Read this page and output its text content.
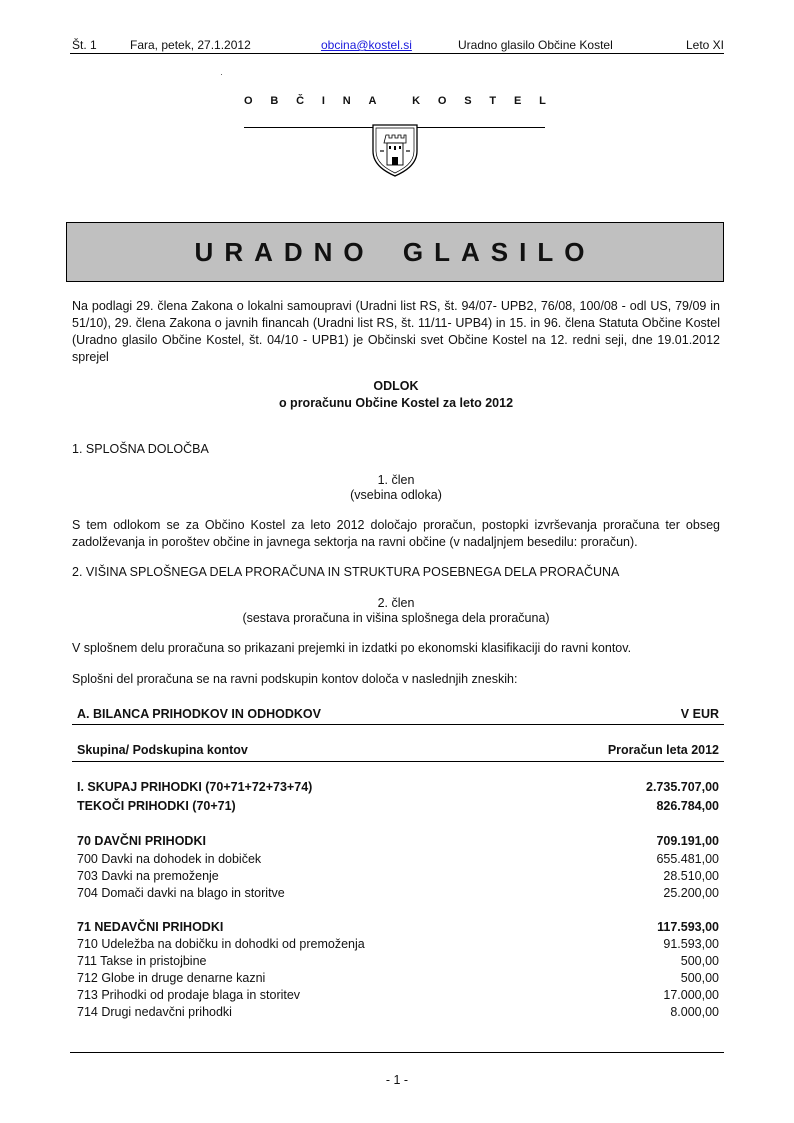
Št. 1	Fara, petek, 27.1.2012	obcina@kostel.si	Uradno glasilo Občine Kostel	Leto XI
O B Č I N A	K O S T E L
URADNO GLASILO
Na podlagi 29. člena Zakona o lokalni samoupravi (Uradni list RS, št. 94/07- UPB2, 76/08, 100/08 - odl US, 79/09 in 51/10), 29. člena Zakona o javnih financah (Uradni list RS, št. 11/11- UPB4) in 15. in 96. člena Statuta Občine Kostel (Uradno glasilo Občine Kostel, št. 04/10 - UPB1) je Občinski svet Občine Kostel na 12. redni seji, dne 19.01.2012 sprejel
ODLOK
o proračunu Občine Kostel za leto 2012
1. SPLOŠNA DOLOČBA
1. člen
(vsebina odloka)
S tem odlokom se za Občino Kostel za leto 2012 določajo proračun, postopki izvrševanja proračuna ter obseg zadolževanja in poroštev občine in javnega sektorja na ravni občine (v nadaljnjem besedilu: proračun).
2. VIŠINA SPLOŠNEGA DELA PRORAČUNA IN STRUKTURA POSEBNEGA DELA PRORAČUNA
2. člen
(sestava proračuna in višina splošnega dela proračuna)
V splošnem delu proračuna so prikazani prejemki in izdatki po ekonomski klasifikaciji do ravni kontov.
Splošni del proračuna se na ravni podskupin kontov določa v naslednjih zneskih:
A. BILANCA PRIHODKOV IN ODHODKOV	V EUR
Skupina/ Podskupina kontov	Proračun leta 2012
I. SKUPAJ PRIHODKI (70+71+72+73+74)	2.735.707,00
TEKOČI PRIHODKI (70+71)	826.784,00
70 DAVČNI PRIHODKI	709.191,00
700 Davki na dohodek in dobiček	655.481,00
703 Davki na premoženje	28.510,00
704 Domači davki na blago in storitve	25.200,00
71 NEDAVČNI PRIHODKI	117.593,00
710 Udeležba na dobičku in dohodki od premoženja	91.593,00
711 Takse in pristojbine	500,00
712 Globe in druge denarne kazni	500,00
713 Prihodki od prodaje blaga in storitev	17.000,00
714 Drugi nedavčni prihodki	8.000,00
- 1 -
